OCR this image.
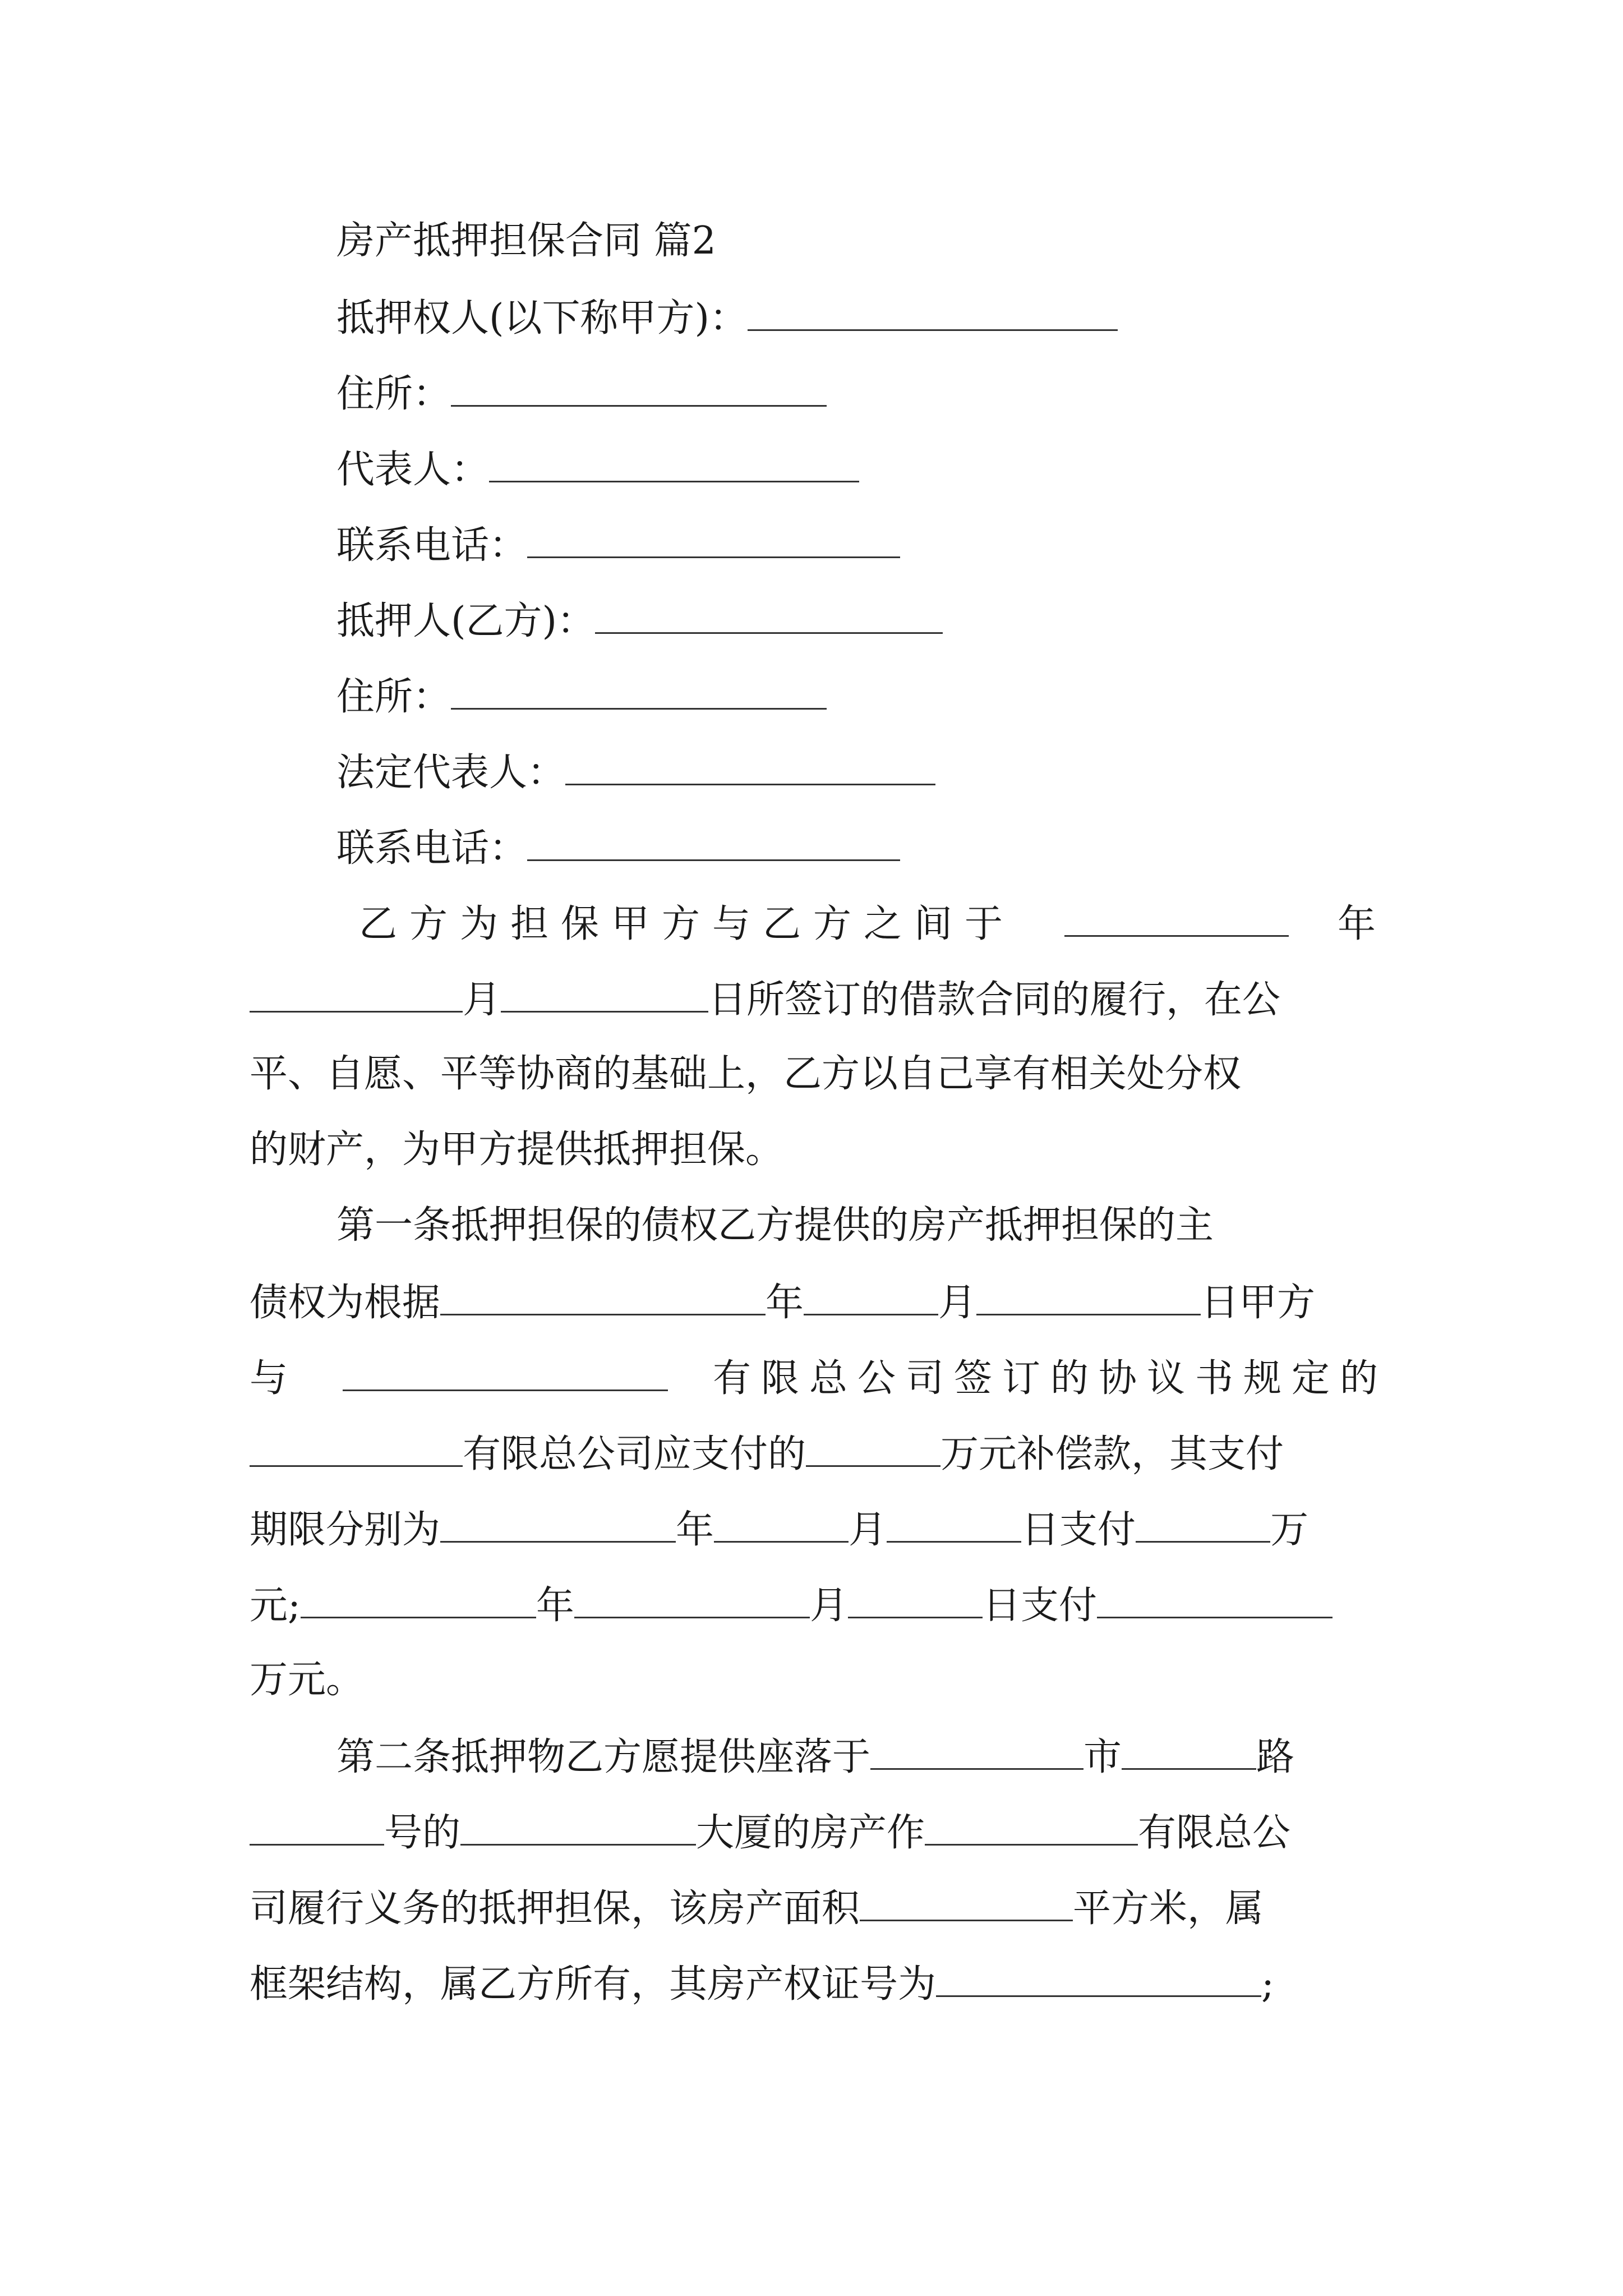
房产抵押担保合同 篇2
抵押权人(以下称甲方)：
住所：
代表人：
联系电话：
抵押人(乙方)：
住所：
法定代表人：
联系电话：
乙方为担保甲方与乙方之间于	年
月	日所签订的借款合同的履行，在公
平、自愿、平等协商的基础上，乙方以自己享有相关处分权
的财产，为甲方提供抵押担保。
第一条抵押担保的债权乙方提供的房产抵押担保的主
债权为根据	年	月	日甲方
与	有限总公司签订的协议书规定的
有限总公司应支付的	万元补偿款，其支付
期限分别为	年	月	日支付	万
元;	年	月	日支付
万元。
第二条抵押物乙方愿提供座落于	市	路
号的	大厦的房产作	有限总公
司履行义务的抵押担保，该房产面积	平方米，属
框架结构，属乙方所有，其房产权证号为	;
